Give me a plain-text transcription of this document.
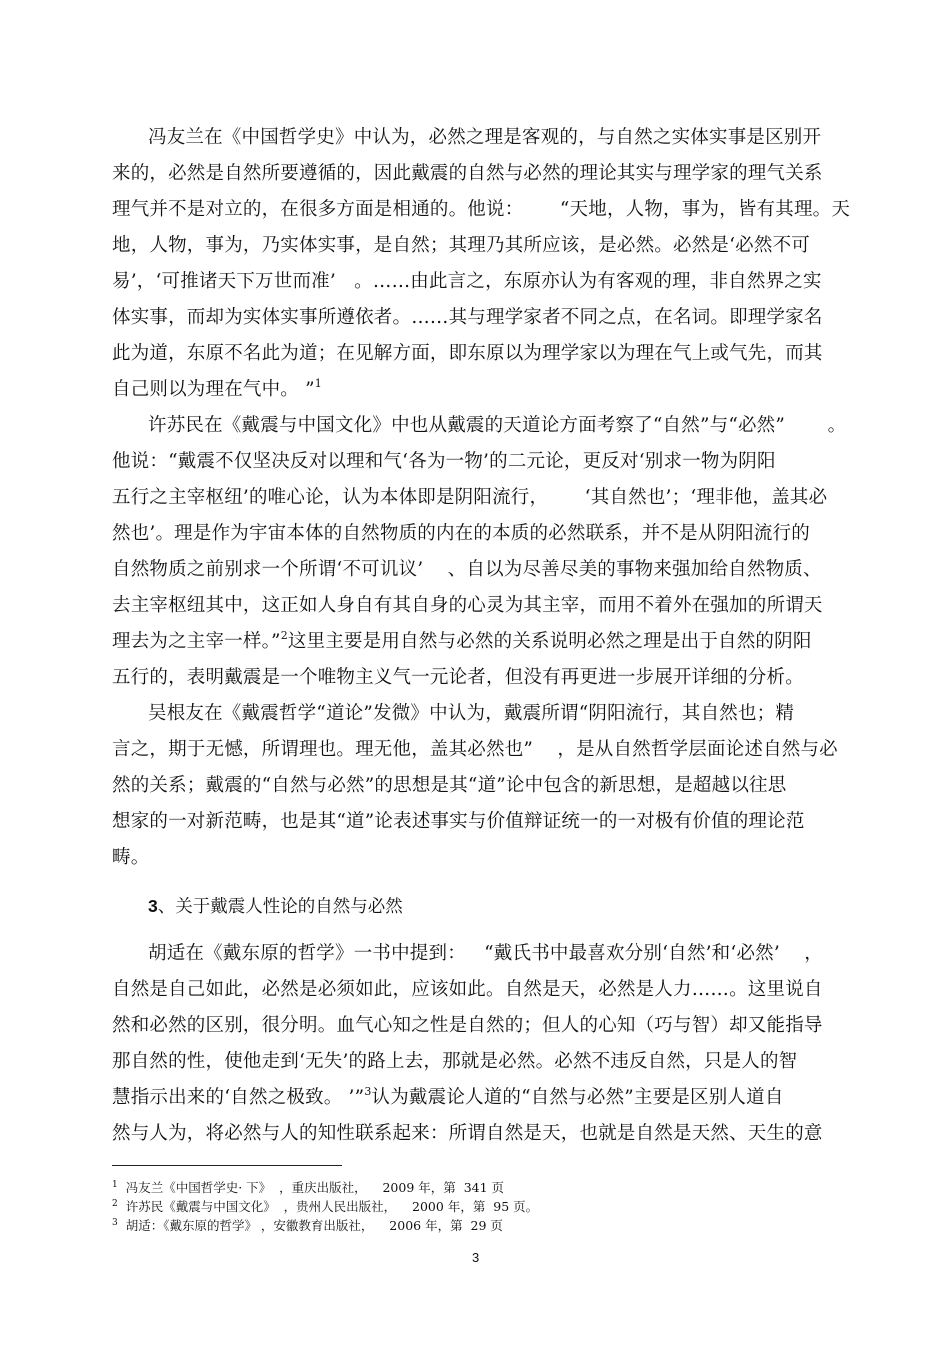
冯友兰在《中国哲学史》中认为，必然之理是客观的，与自然之实体实事是区别开
来的，必然是自然所要遵循的，因此戴震的自然与必然的理论其实与理学家的理气关系
理气并不是对立的，在很多方面是相通的。他说：      “天地，人物，事为，皆有其理。天
地，人物，事为，乃实体实事，是自然；其理乃其所应该，是必然。必然是‘必然不可
易’，‘可推诸天下万世而准’   。……由此言之，东原亦认为有客观的理，非自然界之实
体实事，而却为实体实事所遵依者。……其与理学家者不同之点，在名词。即理学家名
此为道，东原不名此为道；在见解方面，即东原以为理学家以为理在气上或气先，而其
自己则以为理在气中。 ”$^1$
许苏民在《戴震与中国文化》中也从戴震的天道论方面考察了“自然”与“必然”       。
他说：“戴震不仅坚决反对以理和气‘各为一物’的二元论，更反对‘别求一物为阴阳
五行之主宰枢纽’的唯心论，认为本体即是阴阳流行，      ‘其自然也’；‘理非他，盖其必
然也’。理是作为宇宙本体的自然物质的内在的本质的必然联系，并不是从阴阳流行的
自然物质之前别求一个所谓‘不可讥议’    、自以为尽善尽美的事物来强加给自然物质、
去主宰枢纽其中，这正如人身自有其自身的心灵为其主宰，而用不着外在强加的所谓天
理去为之主宰一样。”$^2$这里主要是用自然与必然的关系说明必然之理是出于自然的阴阳
五行的，表明戴震是一个唯物主义气一元论者，但没有再更进一步展开详细的分析。
吴根友在《戴震哲学“道论”发微》中认为，戴震所谓“阴阳流行，其自然也；精
言之，期于无憾，所谓理也。理无他，盖其必然也”    ，是从自然哲学层面论述自然与必
然的关系；戴震的“自然与必然”的思想是其“道”论中包含的新思想，是超越以往思
想家的一对新范畴，也是其“道”论表述事实与价值辩证统一的一对极有价值的理论范
畴。
3、关于戴震人性论的自然与必然
胡适在《戴东原的哲学》一书中提到：   “戴氏书中最喜欢分别‘自然’和‘必然’    ，
自然是自己如此，必然是必须如此，应该如此。自然是天，必然是人力……。这里说自
然和必然的区别，很分明。血气心知之性是自然的；但人的心知（巧与智）却又能指导
那自然的性，使他走到‘无失’的路上去，那就是必然。必然不违反自然，只是人的智
慧指示出来的‘自然之极致。 ’”$^3$认为戴震论人道的“自然与必然”主要是区别人道自
然与人为，将必然与人的知性联系起来：所谓自然是天，也就是自然是天然、天生的意
$^1$ 冯友兰《中国哲学史· 下》  ，重庆出版社，    2009 年，第  341 页
$^2$ 许苏民《戴震与中国文化》  ，贵州人民出版社，    2000 年，第  95 页。
$^3$ 胡适：《戴东原的哲学》 ，安徽教育出版社，    2006 年，第  29 页
3
